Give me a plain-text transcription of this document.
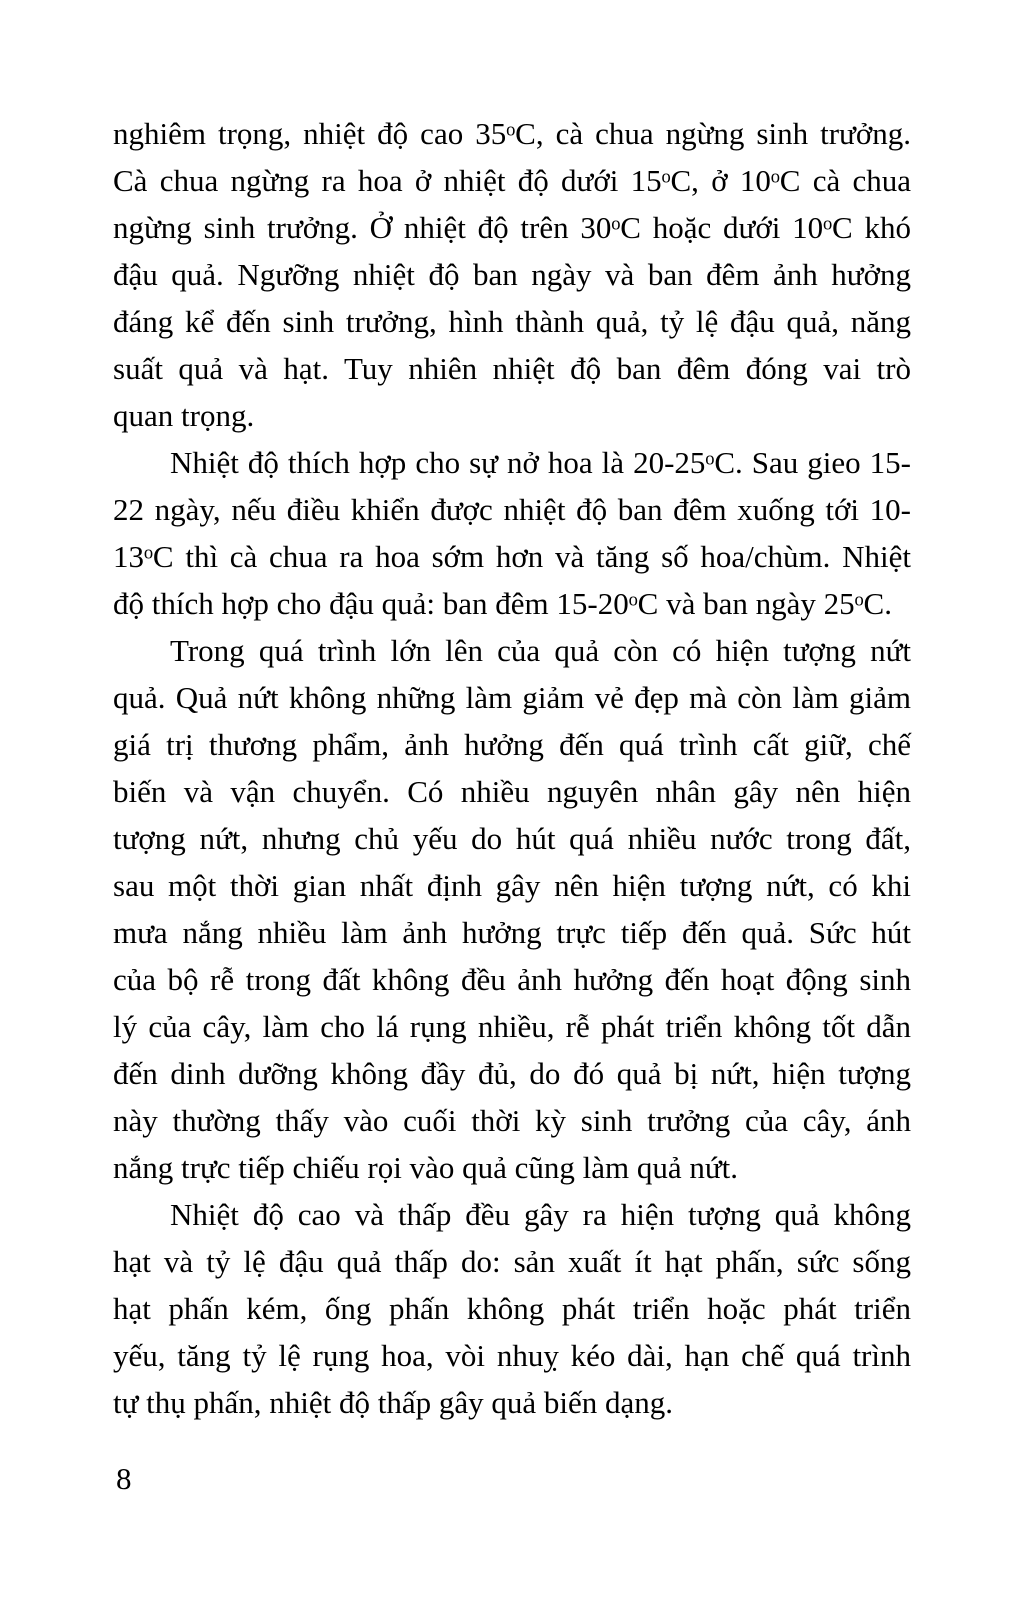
nghiêm trọng, nhiệt độ cao 35ᵒC, cà chua ngừng sinh trưởng.
Cà chua ngừng ra hoa ở nhiệt độ dưới 15ᵒC, ở 10ᵒC cà chua
ngừng sinh trưởng. Ở nhiệt độ trên 30ᵒC hoặc dưới 10ᵒC khó
đậu quả. Ngưỡng nhiệt độ ban ngày và ban đêm ảnh hưởng
đáng kể đến sinh trưởng, hình thành quả, tỷ lệ đậu quả, năng
suất quả và hạt. Tuy nhiên nhiệt độ ban đêm đóng vai trò
quan trọng.
Nhiệt độ thích hợp cho sự nở hoa là 20-25ᵒC. Sau gieo 15-
22 ngày, nếu điều khiển được nhiệt độ ban đêm xuống tới 10-
13ᵒC thì cà chua ra hoa sớm hơn và tăng số hoa/chùm. Nhiệt
độ thích hợp cho đậu quả: ban đêm 15-20ᵒC và ban ngày 25ᵒC.
Trong quá trình lớn lên của quả còn có hiện tượng nứt
quả. Quả nứt không những làm giảm vẻ đẹp mà còn làm giảm
giá trị thương phẩm, ảnh hưởng đến quá trình cất giữ, chế
biến và vận chuyển. Có nhiều nguyên nhân gây nên hiện
tượng nứt, nhưng chủ yếu do hút quá nhiều nước trong đất,
sau một thời gian nhất định gây nên hiện tượng nứt, có khi
mưa nắng nhiều làm ảnh hưởng trực tiếp đến quả. Sức hút
của bộ rễ trong đất không đều ảnh hưởng đến hoạt động sinh
lý của cây, làm cho lá rụng nhiều, rễ phát triển không tốt dẫn
đến dinh dưỡng không đầy đủ, do đó quả bị nứt, hiện tượng
này thường thấy vào cuối thời kỳ sinh trưởng của cây, ánh
nắng trực tiếp chiếu rọi vào quả cũng làm quả nứt.
Nhiệt độ cao và thấp đều gây ra hiện tượng quả không
hạt và tỷ lệ đậu quả thấp do: sản xuất ít hạt phấn, sức sống
hạt phấn kém, ống phấn không phát triển hoặc phát triển
yếu, tăng tỷ lệ rụng hoa, vòi nhuỵ kéo dài, hạn chế quá trình
tự thụ phấn, nhiệt độ thấp gây quả biến dạng.
8
